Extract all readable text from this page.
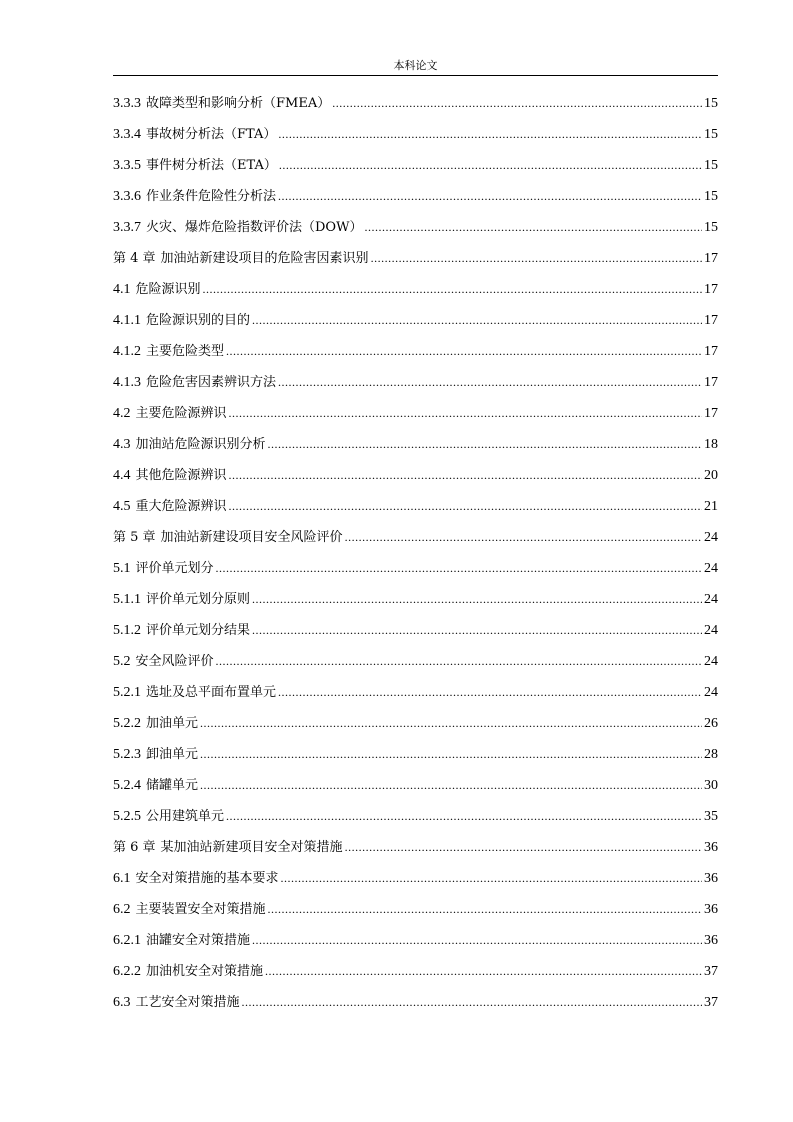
本科论文
3.3.3 故障类型和影响分析（FMEA） .....	15
3.3.4 事故树分析法（FTA） .....	15
3.3.5 事件树分析法（ETA） .....	15
3.3.6 作业条件危险性分析法 .....	15
3.3.7 火灾、爆炸危险指数评价法（DOW） .....	15
第 4 章 加油站新建设项目的危险害因素识别 .....	17
4.1 危险源识别 .....	17
4.1.1 危险源识别的目的 .....	17
4.1.2 主要危险类型 .....	17
4.1.3 危险危害因素辨识方法 .....	17
4.2 主要危险源辨识 .....	17
4.3 加油站危险源识别分析 .....	18
4.4 其他危险源辨识 .....	20
4.5 重大危险源辨识 .....	21
第 5 章 加油站新建设项目安全风险评价 .....	24
5.1 评价单元划分 .....	24
5.1.1 评价单元划分原则 .....	24
5.1.2 评价单元划分结果 .....	24
5.2 安全风险评价 .....	24
5.2.1 选址及总平面布置单元 .....	24
5.2.2 加油单元 .....	26
5.2.3 卸油单元 .....	28
5.2.4 储罐单元 .....	30
5.2.5 公用建筑单元 .....	35
第 6 章 某加油站新建项目安全对策措施 .....	36
6.1 安全对策措施的基本要求 .....	36
6.2 主要装置安全对策措施 .....	36
6.2.1 油罐安全对策措施 .....	36
6.2.2 加油机安全对策措施 .....	37
6.3 工艺安全对策措施 .....	37
